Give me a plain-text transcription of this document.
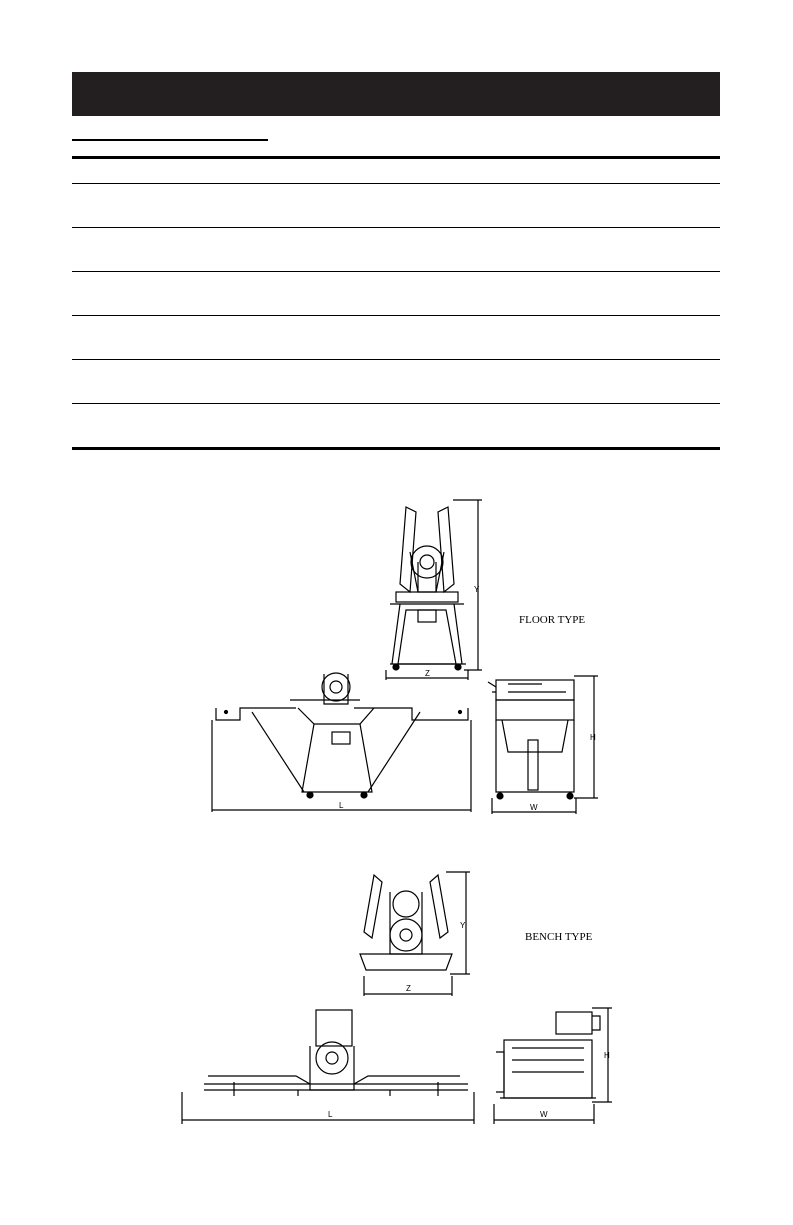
Y
Z
FLOOR TYPE
L
H
W
Y
Z
BENCH TYPE
L
H
W
